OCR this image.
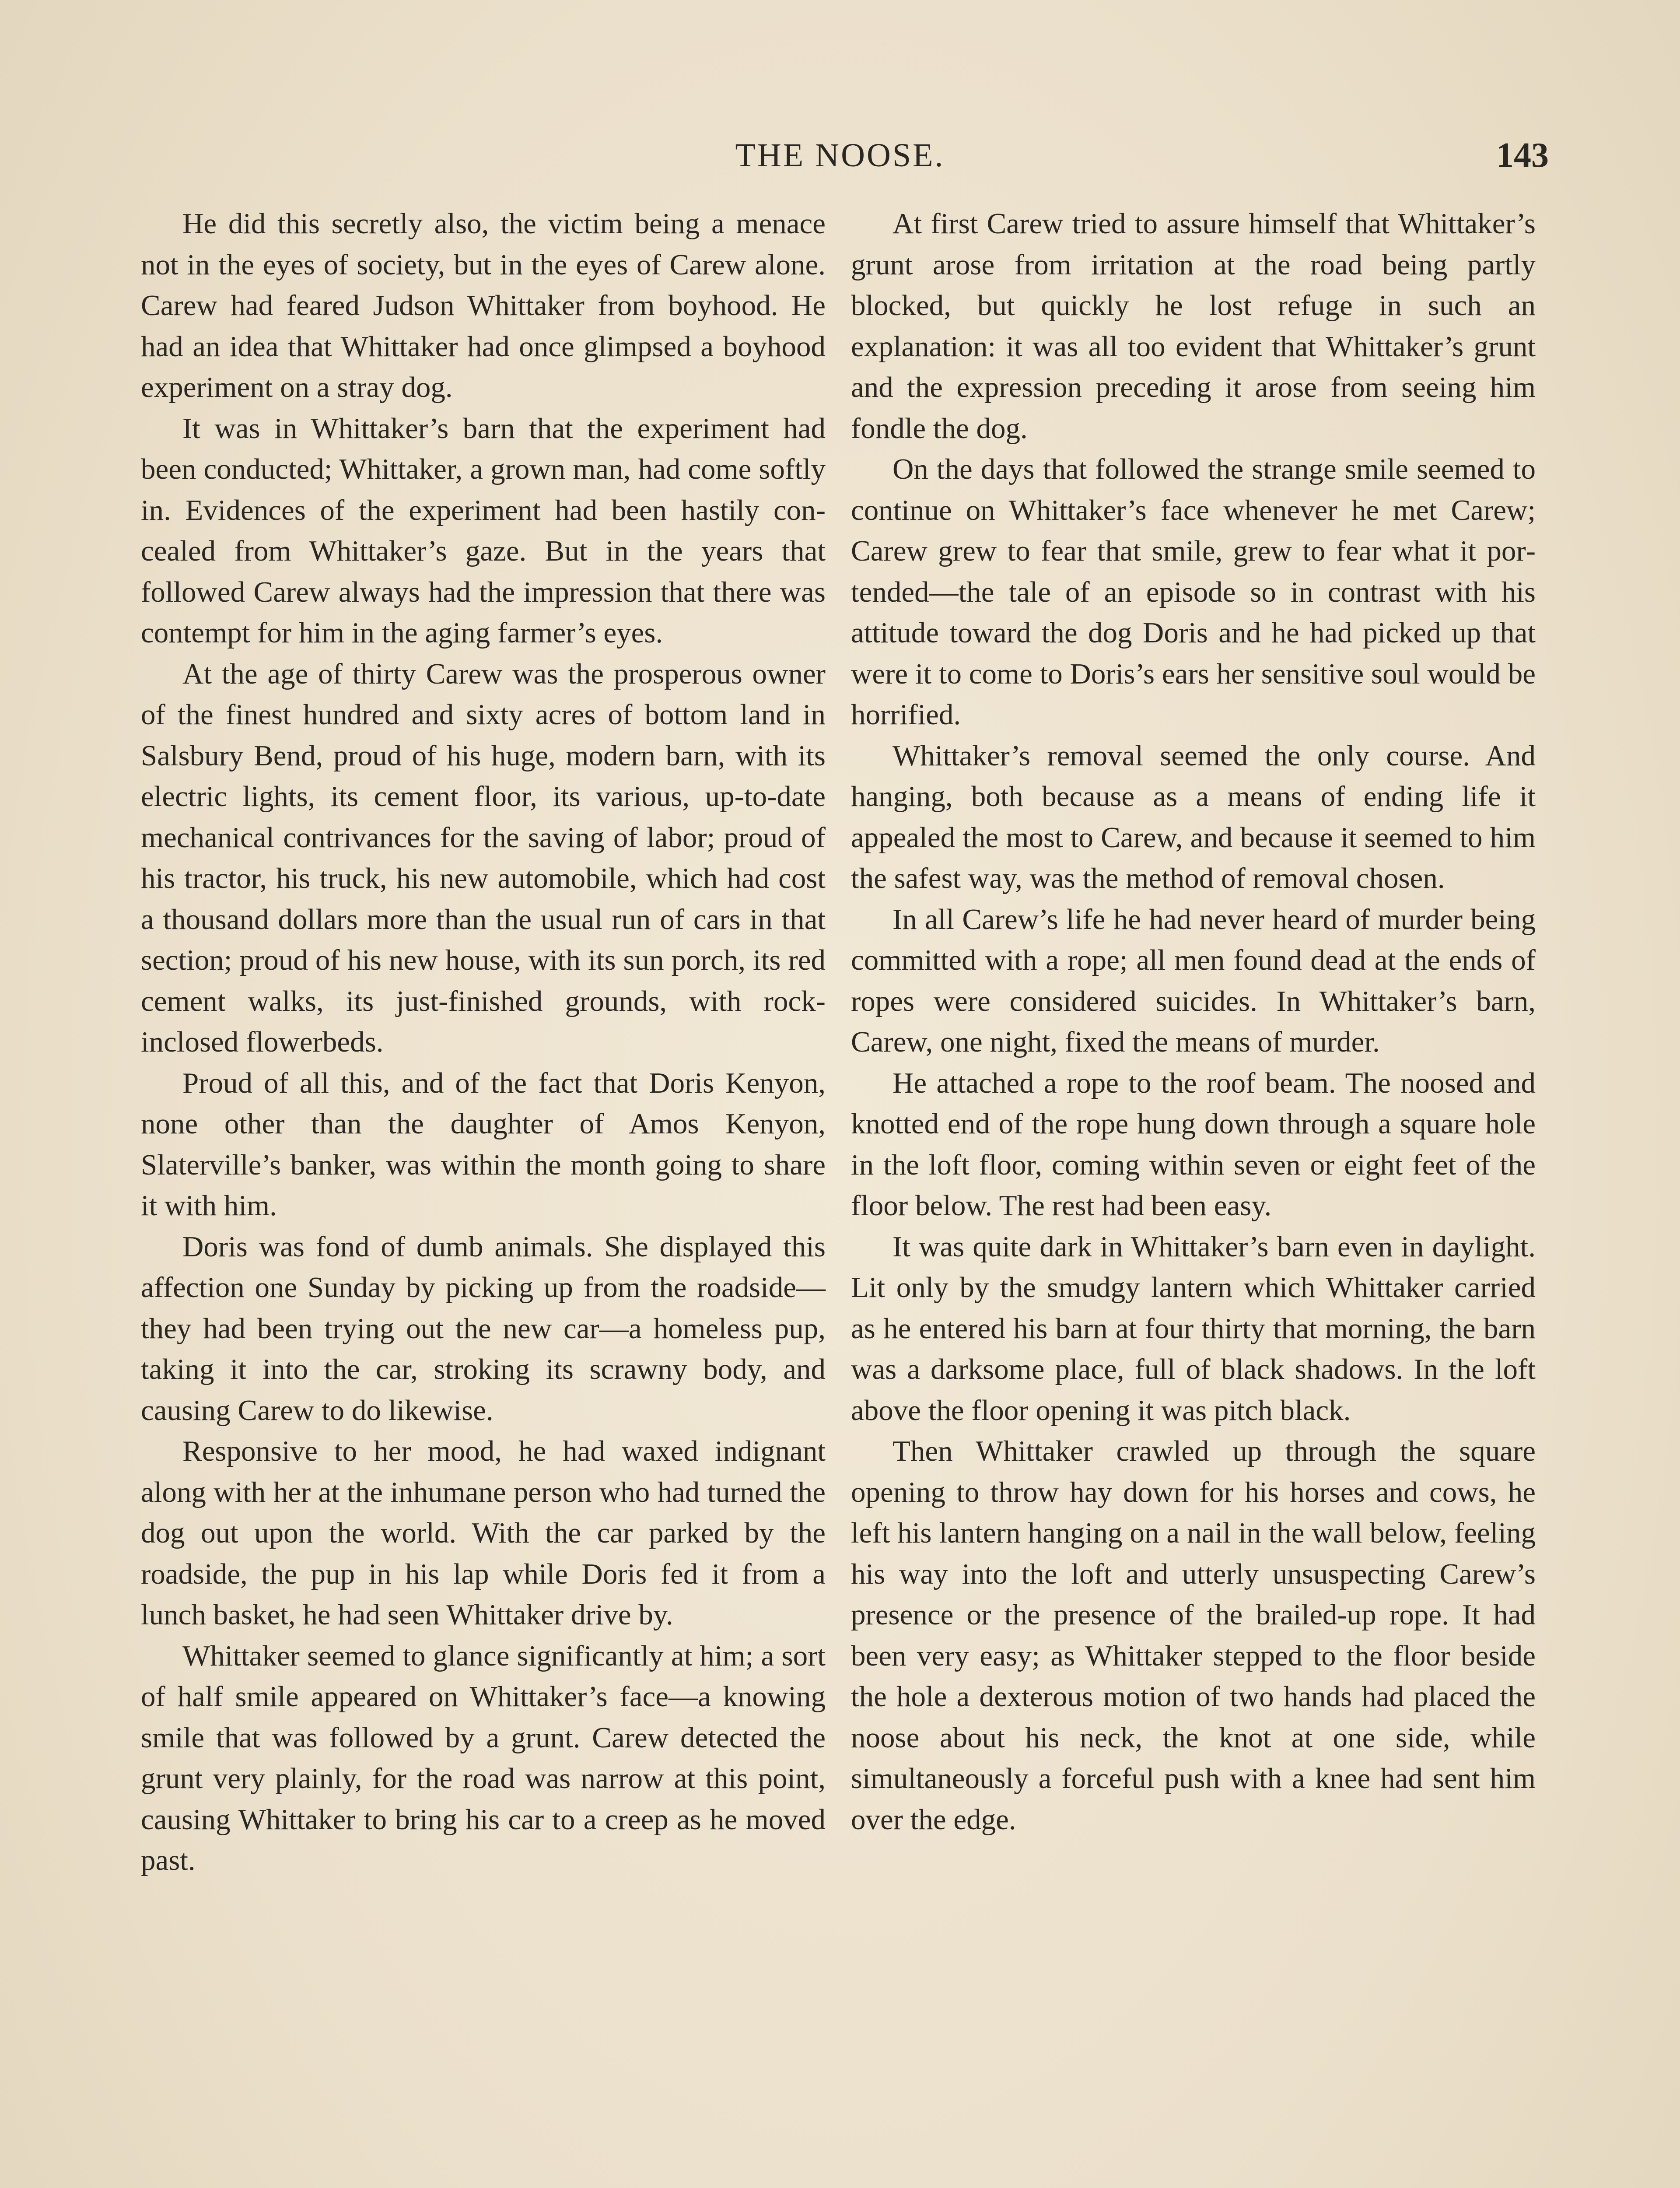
THE NOOSE.	143

He did this secretly also, the victim being a menace not in the eyes of society, but in the eyes of Carew alone. Carew had feared Judson Whittaker from boyhood. He had an idea that Whittaker had once glimpsed a boyhood experiment on a stray dog.

It was in Whittaker’s barn that the experiment had been conducted; Whittaker, a grown man, had come softly in. Evidences of the experiment had been hastily concealed from Whittaker’s gaze. But in the years that followed Carew always had the impression that there was contempt for him in the aging farmer’s eyes.

At the age of thirty Carew was the prosperous owner of the finest hundred and sixty acres of bottom land in Salsbury Bend, proud of his huge, modern barn, with its electric lights, its cement floor, its various, up-to-date mechanical contrivances for the saving of labor; proud of his tractor, his truck, his new automobile, which had cost a thousand dollars more than the usual run of cars in that section; proud of his new house, with its sun porch, its red cement walks, its just-finished grounds, with rock-inclosed flowerbeds.

Proud of all this, and of the fact that Doris Kenyon, none other than the daughter of Amos Kenyon, Slaterville’s banker, was within the month going to share it with him.

Doris was fond of dumb animals. She displayed this affection one Sunday by picking up from the roadside—they had been trying out the new car—a homeless pup, taking it into the car, stroking its scrawny body, and causing Carew to do likewise.

Responsive to her mood, he had waxed indignant along with her at the inhumane person who had turned the dog out upon the world. With the car parked by the roadside, the pup in his lap while Doris fed it from a lunch basket, he had seen Whittaker drive by.

Whittaker seemed to glance significantly at him; a sort of half smile appeared on Whittaker’s face—a knowing smile that was followed by a grunt. Carew detected the grunt very plainly, for the road was narrow at this point, causing Whittaker to bring his car to a creep as he moved past.

At first Carew tried to assure himself that Whittaker’s grunt arose from irritation at the road being partly blocked, but quickly he lost refuge in such an explanation: it was all too evident that Whittaker’s grunt and the expression preceding it arose from seeing him fondle the dog.

On the days that followed the strange smile seemed to continue on Whittaker’s face whenever he met Carew; Carew grew to fear that smile, grew to fear what it portended—the tale of an episode so in contrast with his attitude toward the dog Doris and he had picked up that were it to come to Doris’s ears her sensitive soul would be horrified.

Whittaker’s removal seemed the only course. And hanging, both because as a means of ending life it appealed the most to Carew, and because it seemed to him the safest way, was the method of removal chosen.

In all Carew’s life he had never heard of murder being committed with a rope; all men found dead at the ends of ropes were considered suicides. In Whittaker’s barn, Carew, one night, fixed the means of murder.

He attached a rope to the roof beam. The noosed and knotted end of the rope hung down through a square hole in the loft floor, coming within seven or eight feet of the floor below. The rest had been easy.

It was quite dark in Whittaker’s barn even in daylight. Lit only by the smudgy lantern which Whittaker carried as he entered his barn at four thirty that morning, the barn was a darksome place, full of black shadows. In the loft above the floor opening it was pitch black.

Then Whittaker crawled up through the square opening to throw hay down for his horses and cows, he left his lantern hanging on a nail in the wall below, feeling his way into the loft and utterly unsuspecting Carew’s presence or the presence of the brailed-up rope. It had been very easy; as Whittaker stepped to the floor beside the hole a dexterous motion of two hands had placed the noose about his neck, the knot at one side, while simultaneously a forceful push with a knee had sent him over the edge.
